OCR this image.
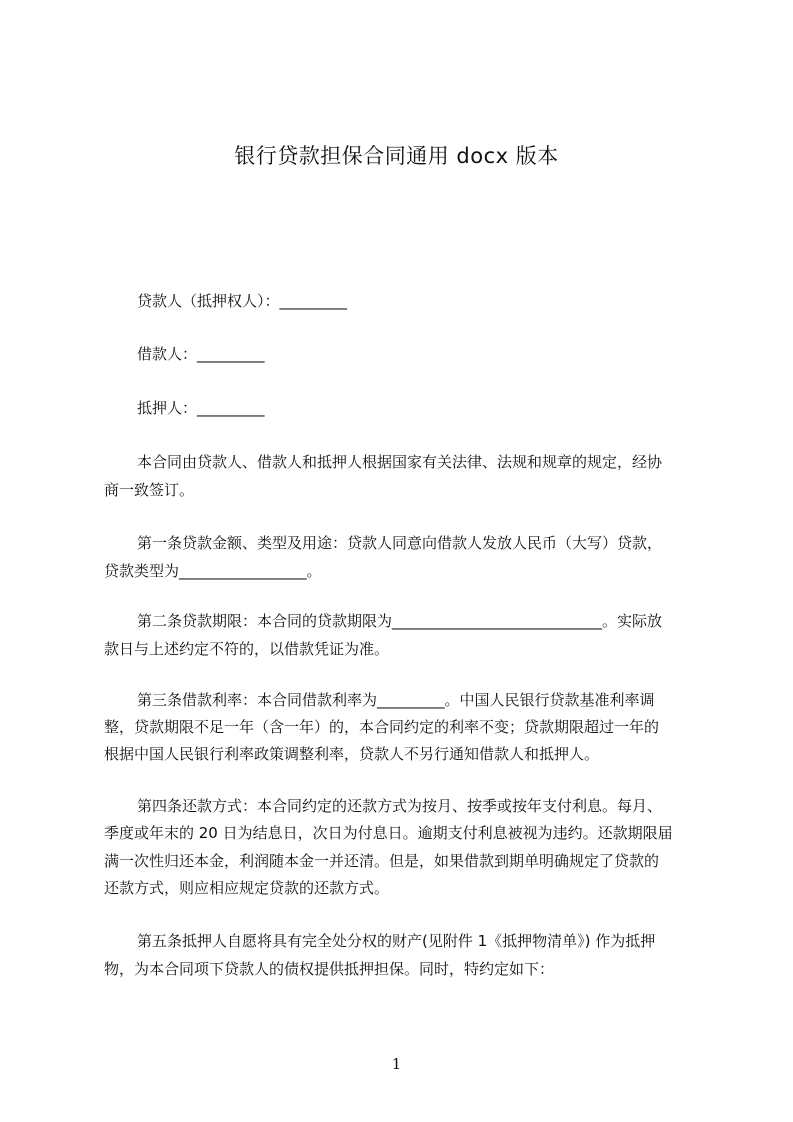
银行贷款担保合同通用 docx 版本
贷款人（抵押权人）：_________
借款人：_________
抵押人：_________
本合同由贷款人、借款人和抵押人根据国家有关法律、法规和规章的规定，经协
商一致签订。
第一条贷款金额、类型及用途：贷款人同意向借款人发放人民币（大写）贷款，
贷款类型为_________________。
第二条贷款期限：本合同的贷款期限为____________________________。实际放
款日与上述约定不符的，以借款凭证为准。
第三条借款利率：本合同借款利率为_________。中国人民银行贷款基准利率调
整，贷款期限不足一年（含一年）的，本合同约定的利率不变；贷款期限超过一年的
根据中国人民银行利率政策调整利率，贷款人不另行通知借款人和抵押人。
第四条还款方式：本合同约定的还款方式为按月、按季或按年支付利息。每月、
季度或年末的 20 日为结息日，次日为付息日。逾期支付利息被视为违约。还款期限届
满一次性归还本金，利润随本金一并还清。但是，如果借款到期单明确规定了贷款的
还款方式，则应相应规定贷款的还款方式。
第五条抵押人自愿将具有完全处分权的财产(见附件 1《抵押物清单》) 作为抵押
物，为本合同项下贷款人的债权提供抵押担保。同时，特约定如下：
1
